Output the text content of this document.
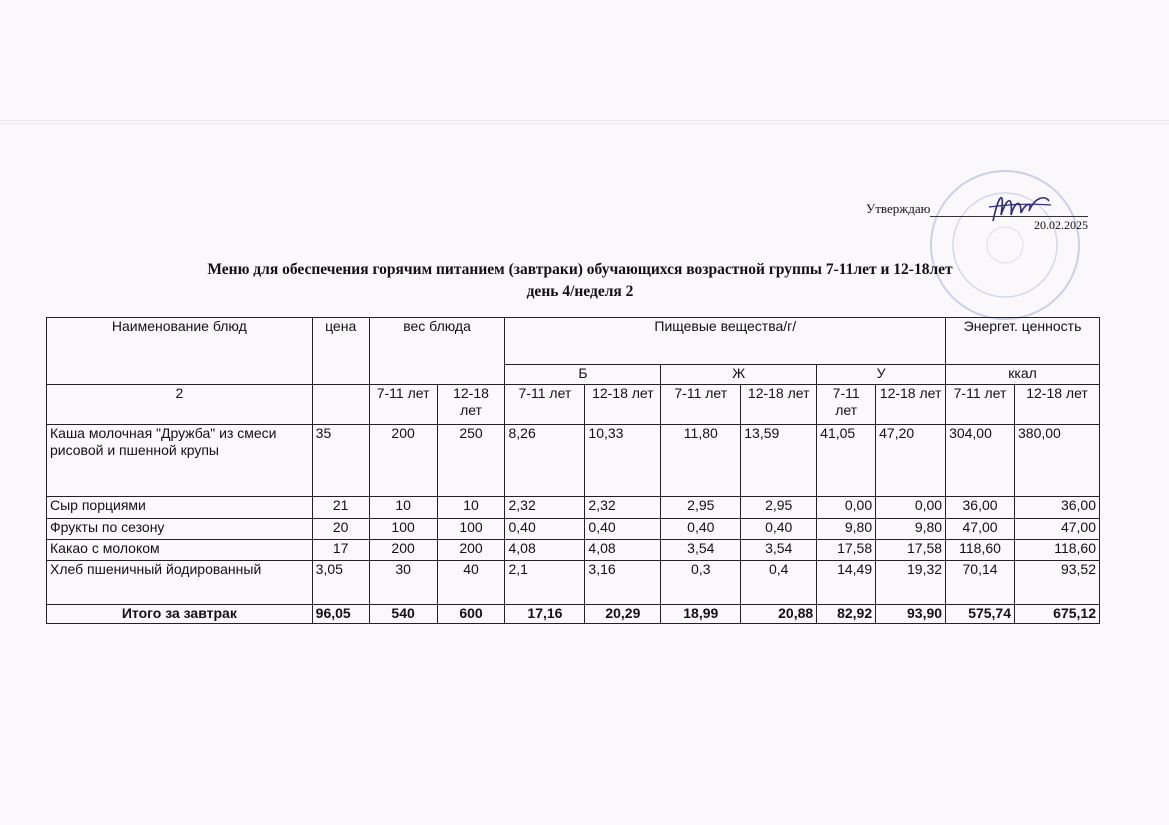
Утверждаю
20.02.2025
Меню для обеспечения горячим питанием (завтраки) обучающихся возрастной группы 7-11лет и 12-18лет
день 4/неделя 2
Наименование блюд	цена	вес блюда		Пищевые вещества/г/						Энергет. ценность	
				Б		Ж		У		ккал	
2		7-11 лет	12-18 лет	7-11 лет	12-18 лет	7-11 лет	12-18 лет	7-11 лет	12-18 лет	7-11 лет	12-18 лет
Каша молочная "Дружба" из смеси рисовой и пшенной крупы	35	200	250	8,26	10,33	11,80	13,59	41,05	47,20	304,00	380,00
Сыр порциями	21	10	10	2,32	2,32	2,95	2,95	0,00	0,00	36,00	36,00
Фрукты по сезону	20	100	100	0,40	0,40	0,40	0,40	9,80	9,80	47,00	47,00
Какао с молоком	17	200	200	4,08	4,08	3,54	3,54	17,58	17,58	118,60	118,60
Хлеб пшеничный йодированный	3,05	30	40	2,1	3,16	0,3	0,4	14,49	19,32	70,14	93,52
Итого за завтрак	96,05	540	600	17,16	20,29	18,99	20,88	82,92	93,90	575,74	675,12
